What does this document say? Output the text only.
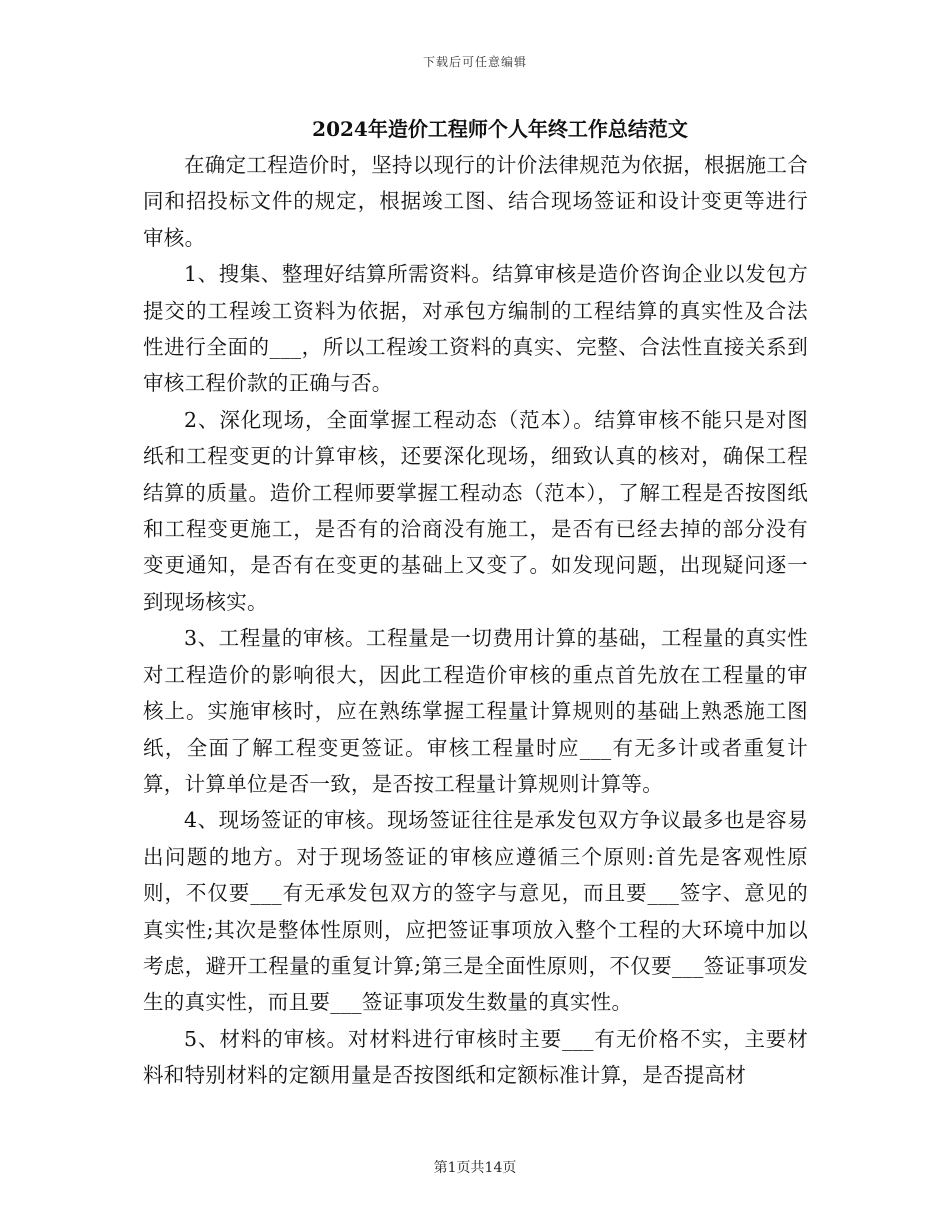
下载后可任意编辑
2024年造价工程师个人年终工作总结范文

在确定工程造价时，坚持以现行的计价法律规范为依据，根据施工合同和招投标文件的规定，根据竣工图、结合现场签证和设计变更等进行审核。

1、搜集、整理好结算所需资料。结算审核是造价咨询企业以发包方提交的工程竣工资料为依据，对承包方编制的工程结算的真实性及合法性进行全面的___，所以工程竣工资料的真实、完整、合法性直接关系到审核工程价款的正确与否。

2、深化现场，全面掌握工程动态（范本）。结算审核不能只是对图纸和工程变更的计算审核，还要深化现场，细致认真的核对，确保工程结算的质量。造价工程师要掌握工程动态（范本），了解工程是否按图纸和工程变更施工，是否有的洽商没有施工，是否有已经去掉的部分没有变更通知，是否有在变更的基础上又变了。如发现问题，出现疑问逐一到现场核实。

3、工程量的审核。工程量是一切费用计算的基础，工程量的真实性对工程造价的影响很大，因此工程造价审核的重点首先放在工程量的审核上。实施审核时，应在熟练掌握工程量计算规则的基础上熟悉施工图纸，全面了解工程变更签证。审核工程量时应___有无多计或者重复计算，计算单位是否一致，是否按工程量计算规则计算等。

4、现场签证的审核。现场签证往往是承发包双方争议最多也是容易出问题的地方。对于现场签证的审核应遵循三个原则:首先是客观性原则，不仅要___有无承发包双方的签字与意见，而且要___签字、意见的真实性;其次是整体性原则，应把签证事项放入整个工程的大环境中加以考虑，避开工程量的重复计算;第三是全面性原则，不仅要___签证事项发生的真实性，而且要___签证事项发生数量的真实性。

5、材料的审核。对材料进行审核时主要___有无价格不实，主要材料和特别材料的定额用量是否按图纸和定额标准计算，是否提高材

第1页共14页
